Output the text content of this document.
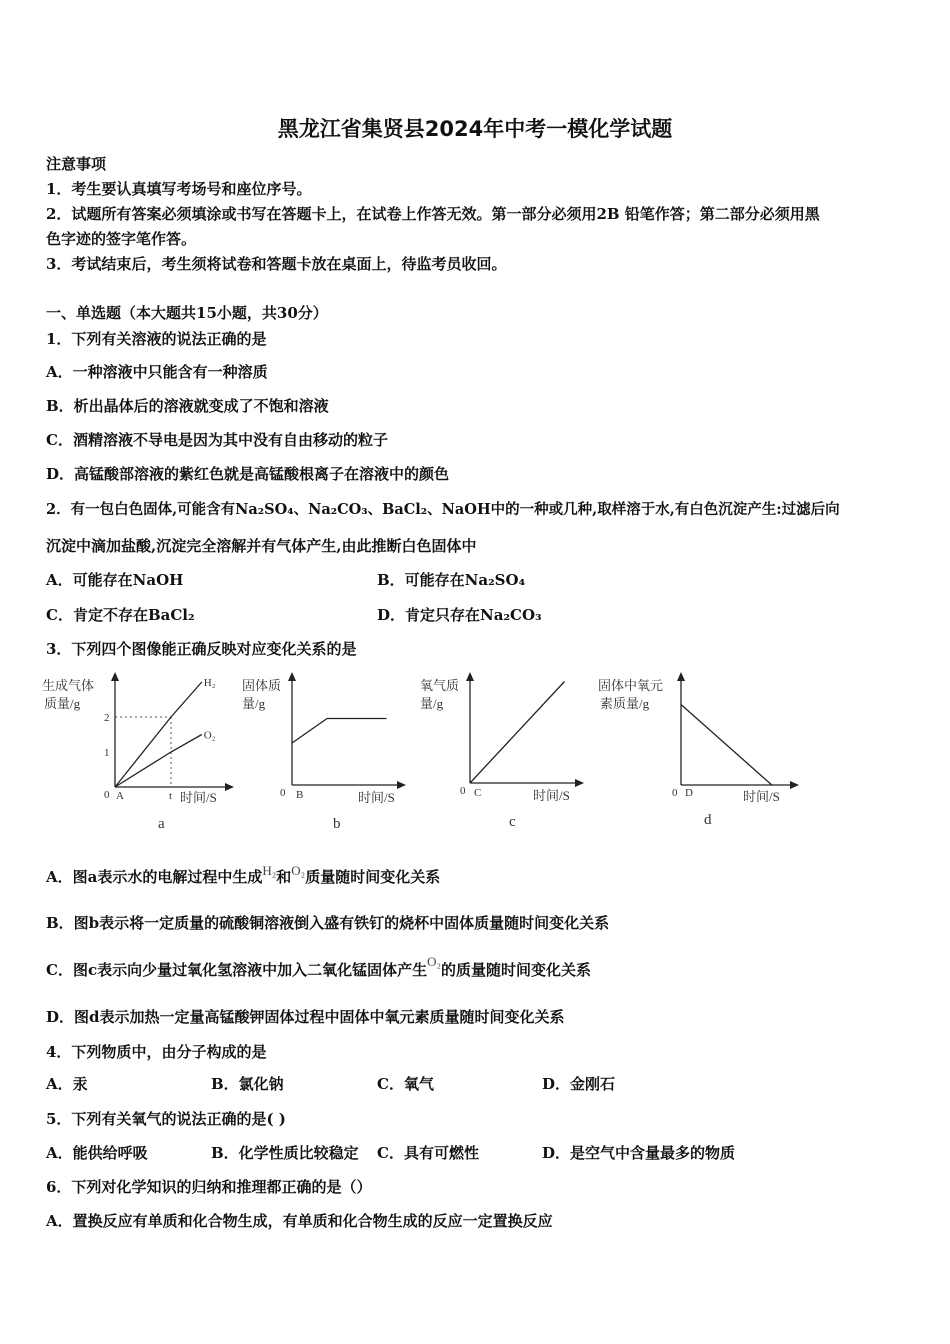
黑龙江省集贤县2024年中考一模化学试题
注意事项
1．考生要认真填写考场号和座位序号。
2．试题所有答案必须填涂或书写在答题卡上，在试卷上作答无效。第一部分必须用2B 铅笔作答；第二部分必须用黑
色字迹的签字笔作答。
3．考试结束后，考生须将试卷和答题卡放在桌面上，待监考员收回。
一、单选题（本大题共15小题，共30分）
1．下列有关溶液的说法正确的是
A．一种溶液中只能含有一种溶质
B．析出晶体后的溶液就变成了不饱和溶液
C．酒精溶液不导电是因为其中没有自由移动的粒子
D．高锰酸部溶液的紫红色就是高锰酸根离子在溶液中的颜色
2．有一包白色固体,可能含有Na₂SO₄、Na₂CO₃、BaCl₂、NaOH中的一种或几种,取样溶于水,有白色沉淀产生:过滤后向
沉淀中滴加盐酸,沉淀完全溶解并有气体产生,由此推断白色固体中
A．可能存在NaOH	B．可能存在Na₂SO₄
C．肯定不存在BaCl₂	D．肯定只存在Na₂CO₃
3．下列四个图像能正确反映对应变化关系的是
生成气体
质量/g
H₂
O₂
1
2
0 A	t 时间/S
a
固体质
量/g
0 B	时间/S
b
氧气质
量/g
0 C	时间/S
c
固体中氧元
素质量/g
0 D	时间/S
d
A．图a表示水的电解过程中生成H₂和O₂质量随时间变化关系
B．图b表示将一定质量的硫酸铜溶液倒入盛有铁钉的烧杯中固体质量随时间变化关系
C．图c表示向少量过氧化氢溶液中加入二氧化锰固体产生O₂的质量随时间变化关系
D．图d表示加热一定量高锰酸钾固体过程中固体中氧元素质量随时间变化关系
4．下列物质中，由分子构成的是
A．汞	B．氯化钠	C．氧气	D．金刚石
5．下列有关氧气的说法正确的是( )
A．能供给呼吸	B．化学性质比较稳定 C．具有可燃性	D．是空气中含量最多的物质
6．下列对化学知识的归纳和推理都正确的是（）
A．置换反应有单质和化合物生成，有单质和化合物生成的反应一定置换反应
